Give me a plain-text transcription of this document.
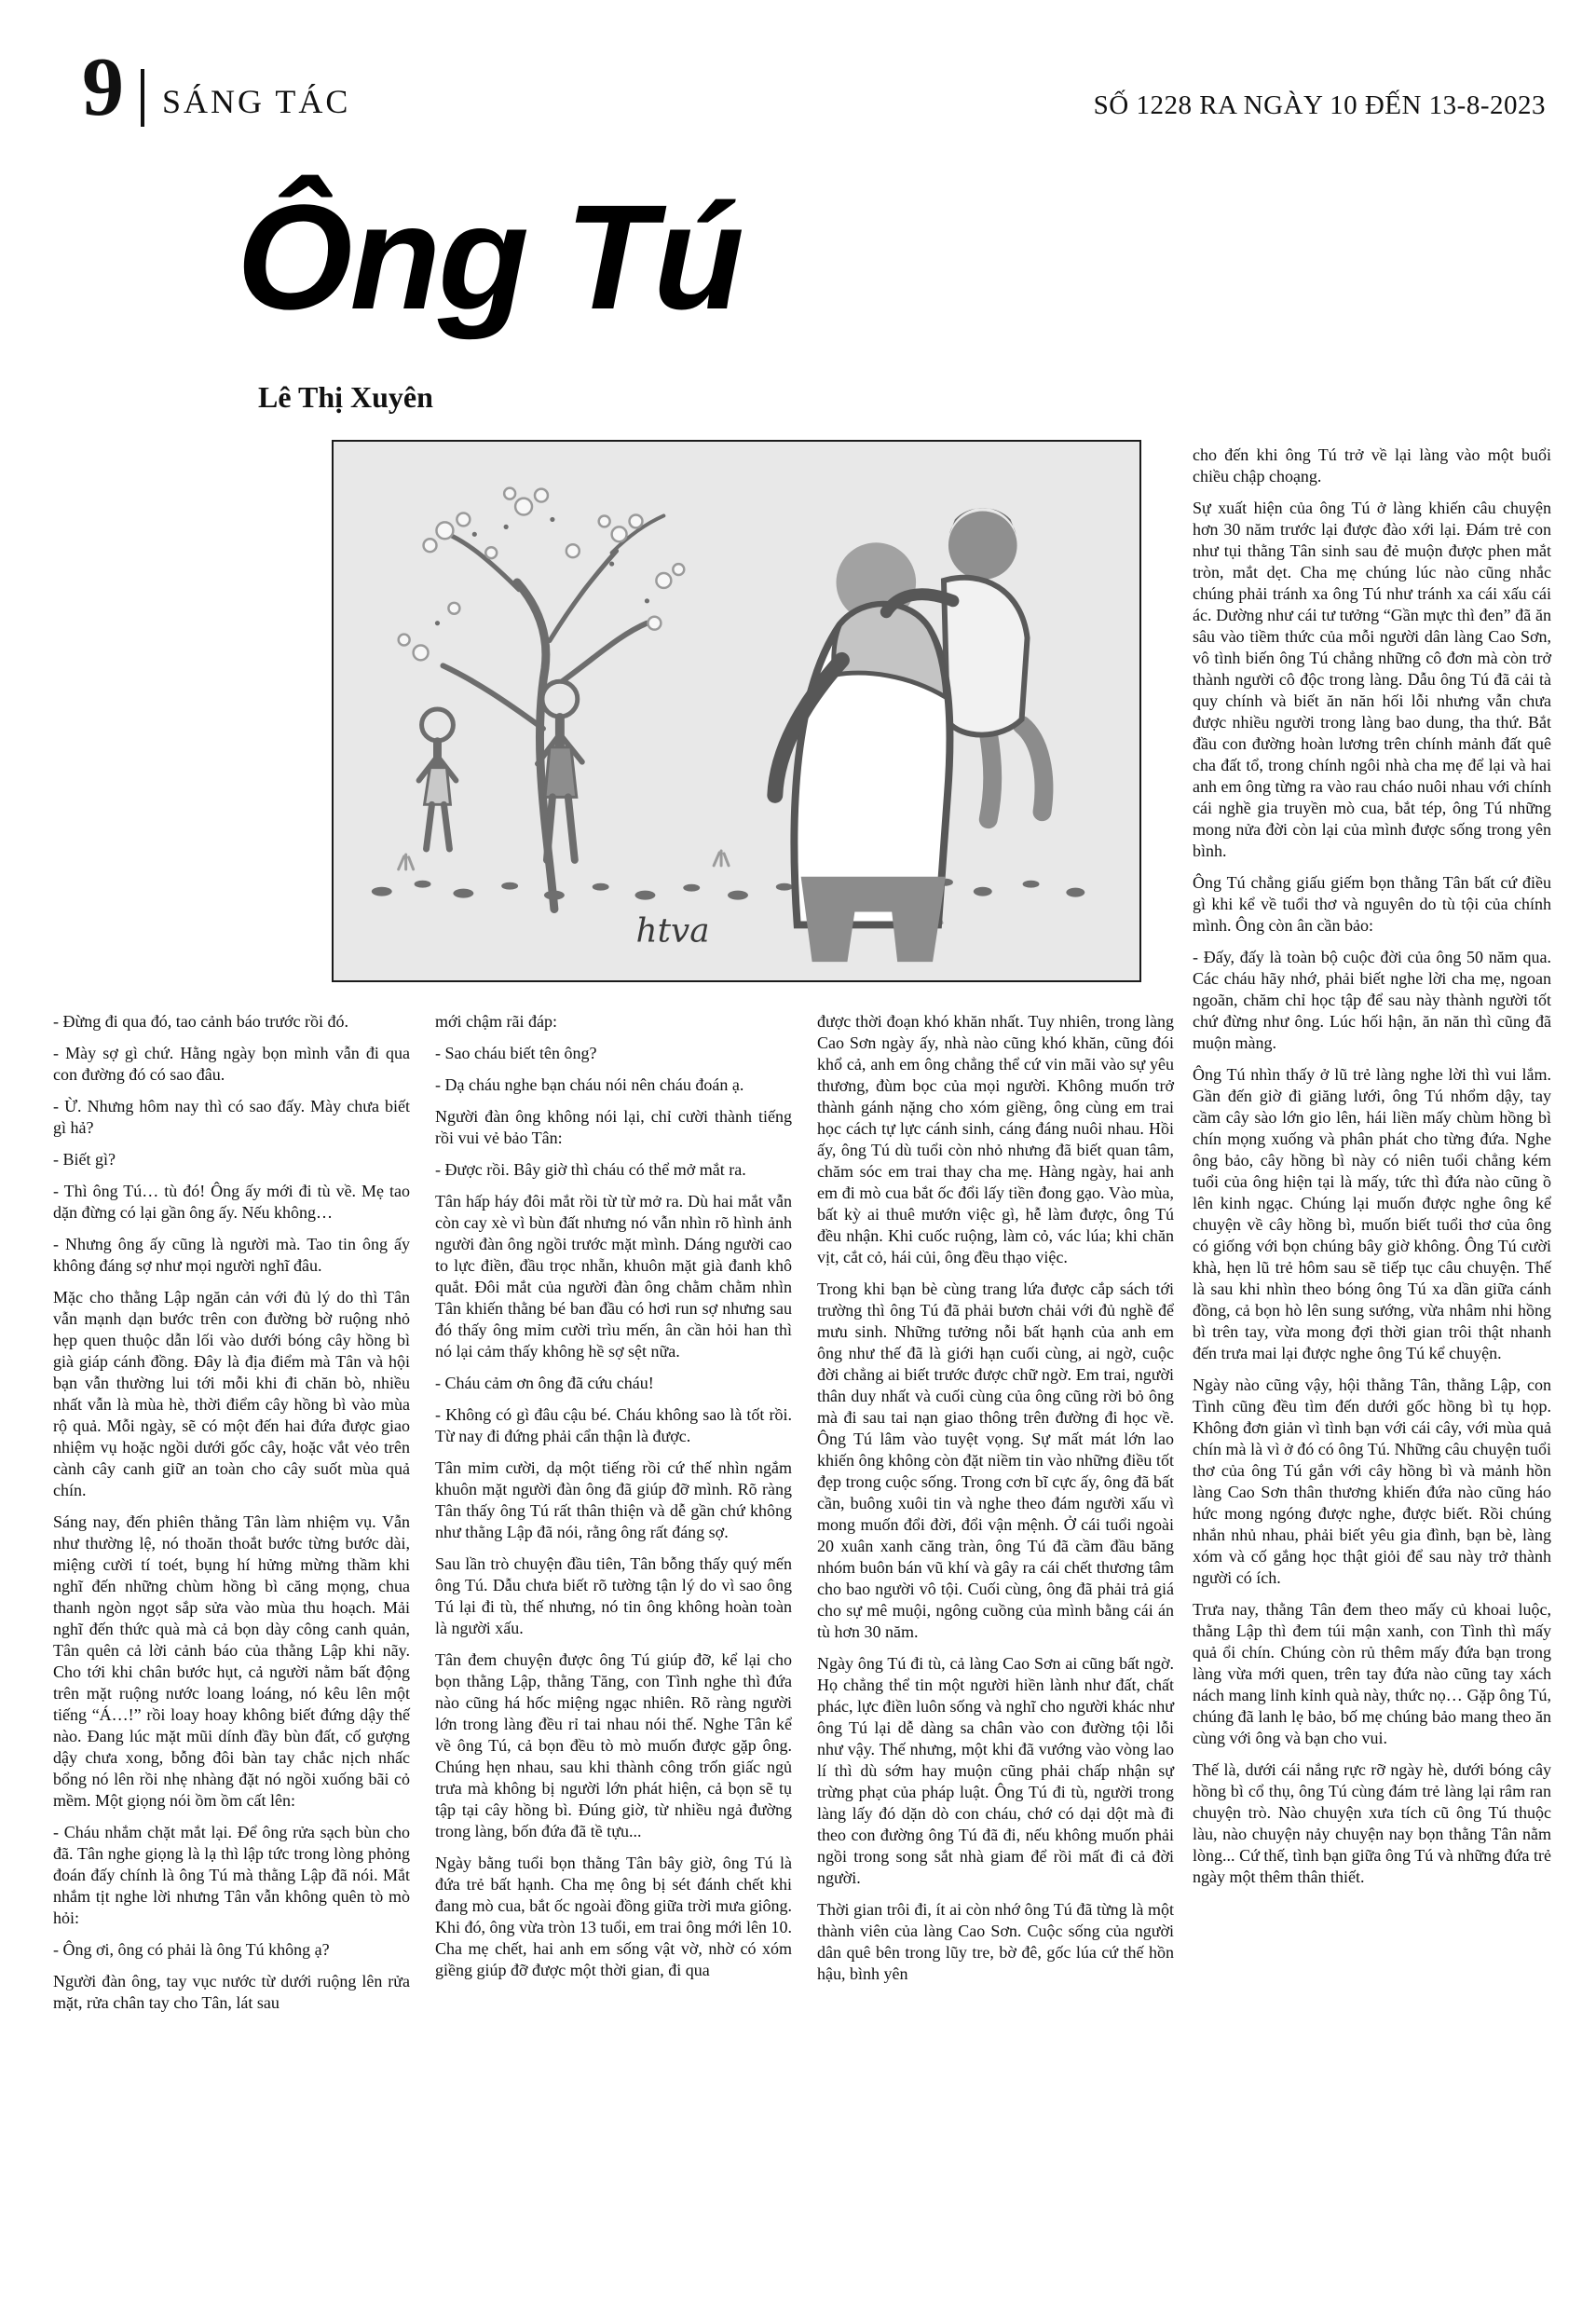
9 SÁNG TÁC	SỐ 1228 RA NGÀY 10 ĐẾN 13-8-2023
Ông Tú
Lê Thị Xuyên
htva

- Đừng đi qua đó, tao cảnh báo trước rồi đó.

- Mày sợ gì chứ. Hằng ngày bọn mình vẫn đi qua con đường đó có sao đâu.

- Ừ. Nhưng hôm nay thì có sao đấy. Mày chưa biết gì hả?

- Biết gì?

- Thì ông Tú… tù đó! Ông ấy mới đi tù về. Mẹ tao dặn đừng có lại gần ông ấy. Nếu không…

- Nhưng ông ấy cũng là người mà. Tao tin ông ấy không đáng sợ như mọi người nghĩ đâu.

Mặc cho thằng Lập ngăn cản với đủ lý do thì Tân vẫn mạnh dạn bước trên con đường bờ ruộng nhỏ hẹp quen thuộc dẫn lối vào dưới bóng cây hồng bì già giáp cánh đồng. Đây là địa điểm mà Tân và hội bạn vẫn thường lui tới mỗi khi đi chăn bò, nhiều nhất vẫn là mùa hè, thời điểm cây hồng bì vào mùa rộ quả. Mỗi ngày, sẽ có một đến hai đứa được giao nhiệm vụ hoặc ngồi dưới gốc cây, hoặc vắt vẻo trên cành cây canh giữ an toàn cho cây suốt mùa quả chín.

Sáng nay, đến phiên thằng Tân làm nhiệm vụ. Vẫn như thường lệ, nó thoăn thoắt bước từng bước dài, miệng cười tí toét, bụng hí hửng mừng thầm khi nghĩ đến những chùm hồng bì căng mọng, chua thanh ngòn ngọt sắp sửa vào mùa thu hoạch. Mải nghĩ đến thức quà mà cả bọn dày công canh quản, Tân quên cả lời cảnh báo của thằng Lập khi nãy. Cho tới khi chân bước hụt, cả người nằm bất động trên mặt ruộng nước loang loáng, nó kêu lên một tiếng “Á…!” rồi loay hoay không biết đứng dậy thế nào. Đang lúc mặt mũi dính đầy bùn đất, cố gượng dậy chưa xong, bỗng đôi bàn tay chắc nịch nhấc bổng nó lên rồi nhẹ nhàng đặt nó ngồi xuống bãi cỏ mềm. Một giọng nói ồm ồm cất lên:

- Cháu nhắm chặt mắt lại. Để ông rửa sạch bùn cho đã. Tân nghe giọng là lạ thì lập tức trong lòng phỏng đoán đấy chính là ông Tú mà thằng Lập đã nói. Mắt nhắm tịt nghe lời nhưng Tân vẫn không quên tò mò hỏi:

- Ông ơi, ông có phải là ông Tú không ạ?

Người đàn ông, tay vục nước từ dưới ruộng lên rửa mặt, rửa chân tay cho Tân, lát sau

mới chậm rãi đáp:

- Sao cháu biết tên ông?

- Dạ cháu nghe bạn cháu nói nên cháu đoán ạ.

Người đàn ông không nói lại, chỉ cười thành tiếng rồi vui vẻ bảo Tân:

- Được rồi. Bây giờ thì cháu có thể mở mắt ra.

Tân hấp háy đôi mắt rồi từ từ mở ra. Dù hai mắt vẫn còn cay xè vì bùn đất nhưng nó vẫn nhìn rõ hình ảnh người đàn ông ngồi trước mặt mình. Dáng người cao to lực điền, đầu trọc nhẵn, khuôn mặt già đanh khô quắt. Đôi mắt của người đàn ông chằm chằm nhìn Tân khiến thằng bé ban đầu có hơi run sợ nhưng sau đó thấy ông mỉm cười trìu mến, ân cần hỏi han thì nó lại cảm thấy không hề sợ sệt nữa.

- Cháu cảm ơn ông đã cứu cháu!

- Không có gì đâu cậu bé. Cháu không sao là tốt rồi. Từ nay đi đứng phải cẩn thận là được.

Tân mỉm cười, dạ một tiếng rồi cứ thế nhìn ngắm khuôn mặt người đàn ông đã giúp đỡ mình. Rõ ràng Tân thấy ông Tú rất thân thiện và dễ gần chứ không như thằng Lập đã nói, rằng ông rất đáng sợ.

Sau lần trò chuyện đầu tiên, Tân bỗng thấy quý mến ông Tú. Dẫu chưa biết rõ tường tận lý do vì sao ông Tú lại đi tù, thế nhưng, nó tin ông không hoàn toàn là người xấu.

Tân đem chuyện được ông Tú giúp đỡ, kể lại cho bọn thằng Lập, thằng Tăng, con Tình nghe thì đứa nào cũng há hốc miệng ngạc nhiên. Rõ ràng người lớn trong làng đều rỉ tai nhau nói thế. Nghe Tân kể về ông Tú, cả bọn đều tò mò muốn được gặp ông. Chúng hẹn nhau, sau khi thành công trốn giấc ngủ trưa mà không bị người lớn phát hiện, cả bọn sẽ tụ tập tại cây hồng bì. Đúng giờ, từ nhiều ngả đường trong làng, bốn đứa đã tề tựu...

Ngày bằng tuổi bọn thằng Tân bây giờ, ông Tú là đứa trẻ bất hạnh. Cha mẹ ông bị sét đánh chết khi đang mò cua, bắt ốc ngoài đồng giữa trời mưa giông. Khi đó, ông vừa tròn 13 tuổi, em trai ông mới lên 10. Cha mẹ chết, hai anh em sống vật vờ, nhờ có xóm giềng giúp đỡ được một thời gian, đi qua

được thời đoạn khó khăn nhất. Tuy nhiên, trong làng Cao Sơn ngày ấy, nhà nào cũng khó khăn, cũng đói khổ cả, anh em ông chẳng thể cứ vin mãi vào sự yêu thương, đùm bọc của mọi người. Không muốn trở thành gánh nặng cho xóm giềng, ông cùng em trai học cách tự lực cánh sinh, cáng đáng nuôi nhau. Hồi ấy, ông Tú dù tuổi còn nhỏ nhưng đã biết quan tâm, chăm sóc em trai thay cha mẹ. Hàng ngày, hai anh em đi mò cua bắt ốc đổi lấy tiền đong gạo. Vào mùa, bất kỳ ai thuê mướn việc gì, hễ làm được, ông Tú đều nhận. Khi cuốc ruộng, làm cỏ, vác lúa; khi chăn vịt, cắt cỏ, hái củi, ông đều thạo việc.

Trong khi bạn bè cùng trang lứa được cắp sách tới trường thì ông Tú đã phải bươn chải với đủ nghề để mưu sinh. Những tưởng nỗi bất hạnh của anh em ông như thế đã là giới hạn cuối cùng, ai ngờ, cuộc đời chẳng ai biết trước được chữ ngờ. Em trai, người thân duy nhất và cuối cùng của ông cũng rời bỏ ông mà đi sau tai nạn giao thông trên đường đi học về. Ông Tú lâm vào tuyệt vọng. Sự mất mát lớn lao khiến ông không còn đặt niềm tin vào những điều tốt đẹp trong cuộc sống. Trong cơn bĩ cực ấy, ông đã bất cần, buông xuôi tin và nghe theo đám người xấu vì mong muốn đổi đời, đổi vận mệnh. Ở cái tuổi ngoài 20 xuân xanh căng tràn, ông Tú đã cầm đầu băng nhóm buôn bán vũ khí và gây ra cái chết thương tâm cho bao người vô tội. Cuối cùng, ông đã phải trả giá cho sự mê muội, ngông cuồng của mình bằng cái án tù hơn 30 năm.

Ngày ông Tú đi tù, cả làng Cao Sơn ai cũng bất ngờ. Họ chẳng thể tin một người hiền lành như đất, chất phác, lực điền luôn sống và nghĩ cho người khác như ông Tú lại dễ dàng sa chân vào con đường tội lỗi như vậy. Thế nhưng, một khi đã vướng vào vòng lao lí thì dù sớm hay muộn cũng phải chấp nhận sự trừng phạt của pháp luật. Ông Tú đi tù, người trong làng lấy đó dặn dò con cháu, chớ có dại dột mà đi theo con đường ông Tú đã đi, nếu không muốn phải ngồi trong song sắt nhà giam để rồi mất đi cả đời người.

Thời gian trôi đi, ít ai còn nhớ ông Tú đã từng là một thành viên của làng Cao Sơn. Cuộc sống của người dân quê bên trong lũy tre, bờ đê, gốc lúa cứ thế hồn hậu, bình yên

cho đến khi ông Tú trở về lại làng vào một buổi chiều chập choạng.

Sự xuất hiện của ông Tú ở làng khiến câu chuyện hơn 30 năm trước lại được đào xới lại. Đám trẻ con như tụi thằng Tân sinh sau đẻ muộn được phen mắt tròn, mắt dẹt. Cha mẹ chúng lúc nào cũng nhắc chúng phải tránh xa ông Tú như tránh xa cái xấu cái ác. Dường như cái tư tưởng “Gần mực thì đen” đã ăn sâu vào tiềm thức của mỗi người dân làng Cao Sơn, vô tình biến ông Tú chẳng những cô đơn mà còn trở thành người cô độc trong làng. Dẫu ông Tú đã cải tà quy chính và biết ăn năn hối lỗi nhưng vẫn chưa được nhiều người trong làng bao dung, tha thứ. Bắt đầu con đường hoàn lương trên chính mảnh đất quê cha đất tổ, trong chính ngôi nhà cha mẹ để lại và hai anh em ông từng ra vào rau cháo nuôi nhau với chính cái nghề gia truyền mò cua, bắt tép, ông Tú những mong nửa đời còn lại của mình được sống trong yên bình.

Ông Tú chẳng giấu giếm bọn thằng Tân bất cứ điều gì khi kể về tuổi thơ và nguyên do tù tội của chính mình. Ông còn ân cần bảo:

- Đấy, đấy là toàn bộ cuộc đời của ông 50 năm qua. Các cháu hãy nhớ, phải biết nghe lời cha mẹ, ngoan ngoãn, chăm chỉ học tập để sau này thành người tốt chứ đừng như ông. Lúc hối hận, ăn năn thì cũng đã muộn màng.

Ông Tú nhìn thấy ở lũ trẻ làng nghe lời thì vui lắm. Gần đến giờ đi giăng lưới, ông Tú nhổm dậy, tay cầm cây sào lớn gio lên, hái liền mấy chùm hồng bì chín mọng xuống và phân phát cho từng đứa. Nghe ông bảo, cây hồng bì này có niên tuổi chẳng kém tuổi của ông hiện tại là mấy, tức thì đứa nào cũng ồ lên kinh ngạc. Chúng lại muốn được nghe ông kể chuyện về cây hồng bì, muốn biết tuổi thơ của ông có giống với bọn chúng bây giờ không. Ông Tú cười khà, hẹn lũ trẻ hôm sau sẽ tiếp tục câu chuyện. Thế là sau khi nhìn theo bóng ông Tú xa dần giữa cánh đồng, cả bọn hò lên sung sướng, vừa nhâm nhi hồng bì trên tay, vừa mong đợi thời gian trôi thật nhanh đến trưa mai lại được nghe ông Tú kể chuyện.

Ngày nào cũng vậy, hội thằng Tân, thằng Lập, con Tình cũng đều tìm đến dưới gốc hồng bì tụ họp. Không đơn giản vì tình bạn với cái cây, với mùa quả chín mà là vì ở đó có ông Tú. Những câu chuyện tuổi thơ của ông Tú gắn với cây hồng bì và mảnh hồn làng Cao Sơn thân thương khiến đứa nào cũng háo hức mong ngóng được nghe, được biết. Rồi chúng nhắn nhủ nhau, phải biết yêu gia đình, bạn bè, làng xóm và cố gắng học thật giỏi để sau này trở thành người có ích.

Trưa nay, thằng Tân đem theo mấy củ khoai luộc, thằng Lập thì đem túi mận xanh, con Tình thì mấy quả ổi chín. Chúng còn rủ thêm mấy đứa bạn trong làng vừa mới quen, trên tay đứa nào cũng tay xách nách mang lỉnh kỉnh quà này, thức nọ… Gặp ông Tú, chúng đã lanh lẹ bảo, bố mẹ chúng bảo mang theo ăn cùng với ông và bạn cho vui.

Thế là, dưới cái nắng rực rỡ ngày hè, dưới bóng cây hồng bì cổ thụ, ông Tú cùng đám trẻ làng lại râm ran chuyện trò. Nào chuyện xưa tích cũ ông Tú thuộc làu, nào chuyện nảy chuyện nay bọn thằng Tân nằm lòng... Cứ thế, tình bạn giữa ông Tú và những đứa trẻ ngày một thêm thân thiết.
